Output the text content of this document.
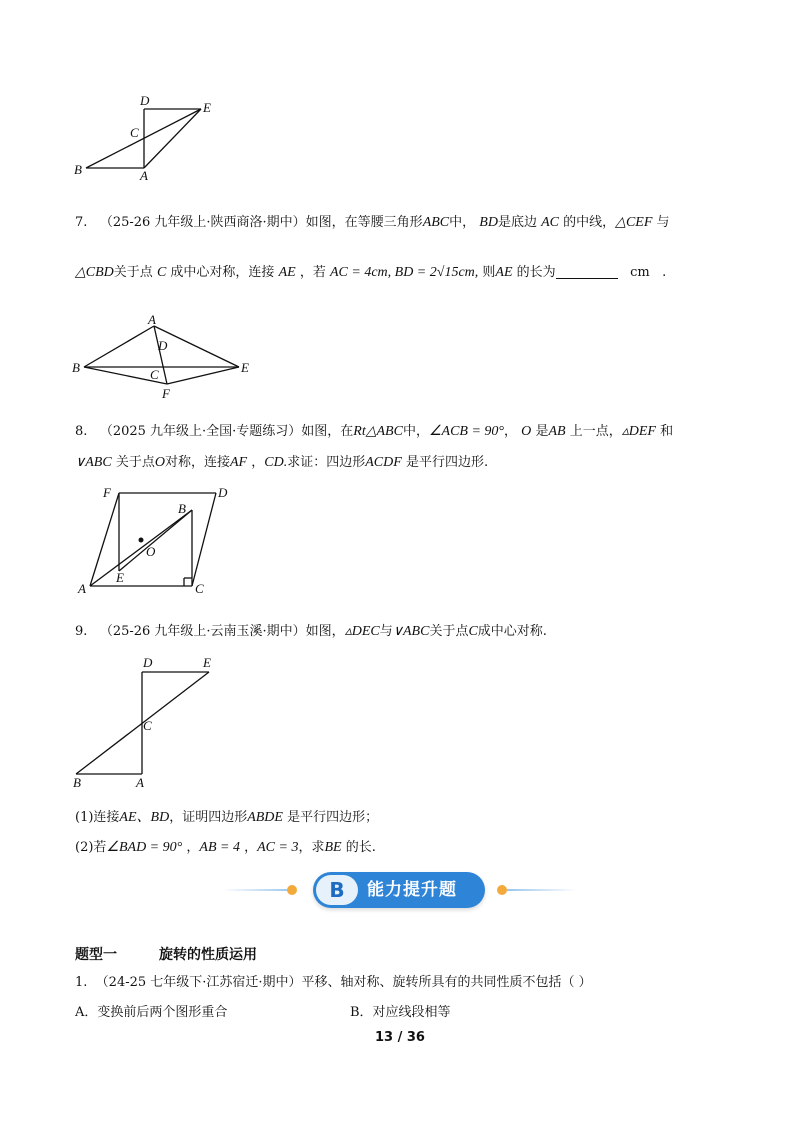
D	E
C
B	A
7. （25-26 九年级上·陕西商洛·期中）如图，在等腰三角形ABC中， BD是底边 AC 的中线，△CEF 与
△CBD关于点 C 成中心对称，连接 AE ，若 AC = 4cm, BD = 2√15cm, 则AE 的长为	cm .
A
D
B	C	E
F
8. （2025 九年级上·全国·专题练习）如图，在Rt△ABC中，∠ACB = 90°， O 是AB 上一点，▵DEF 和
∨ABC 关于点O对称，连接AF ，CD.求证：四边形ACDF 是平行四边形.
F	D
B
O
A
E
C
9. （25-26 九年级上·云南玉溪·期中）如图，▵DEC与∨ABC关于点C成中心对称.
D	E
C
B	A
(1)连接AE、BD，证明四边形ABDE 是平行四边形；
(2)若∠BAD = 90° ，AB = 4 ，AC = 3，求BE 的长.
B	能力提升题
题型一	旋转的性质运用
1. （24-25 七年级下·江苏宿迁·期中）平移、轴对称、旋转所具有的共同性质不包括（ ）
A．变换前后两个图形重合	B．对应线段相等
13 / 36
